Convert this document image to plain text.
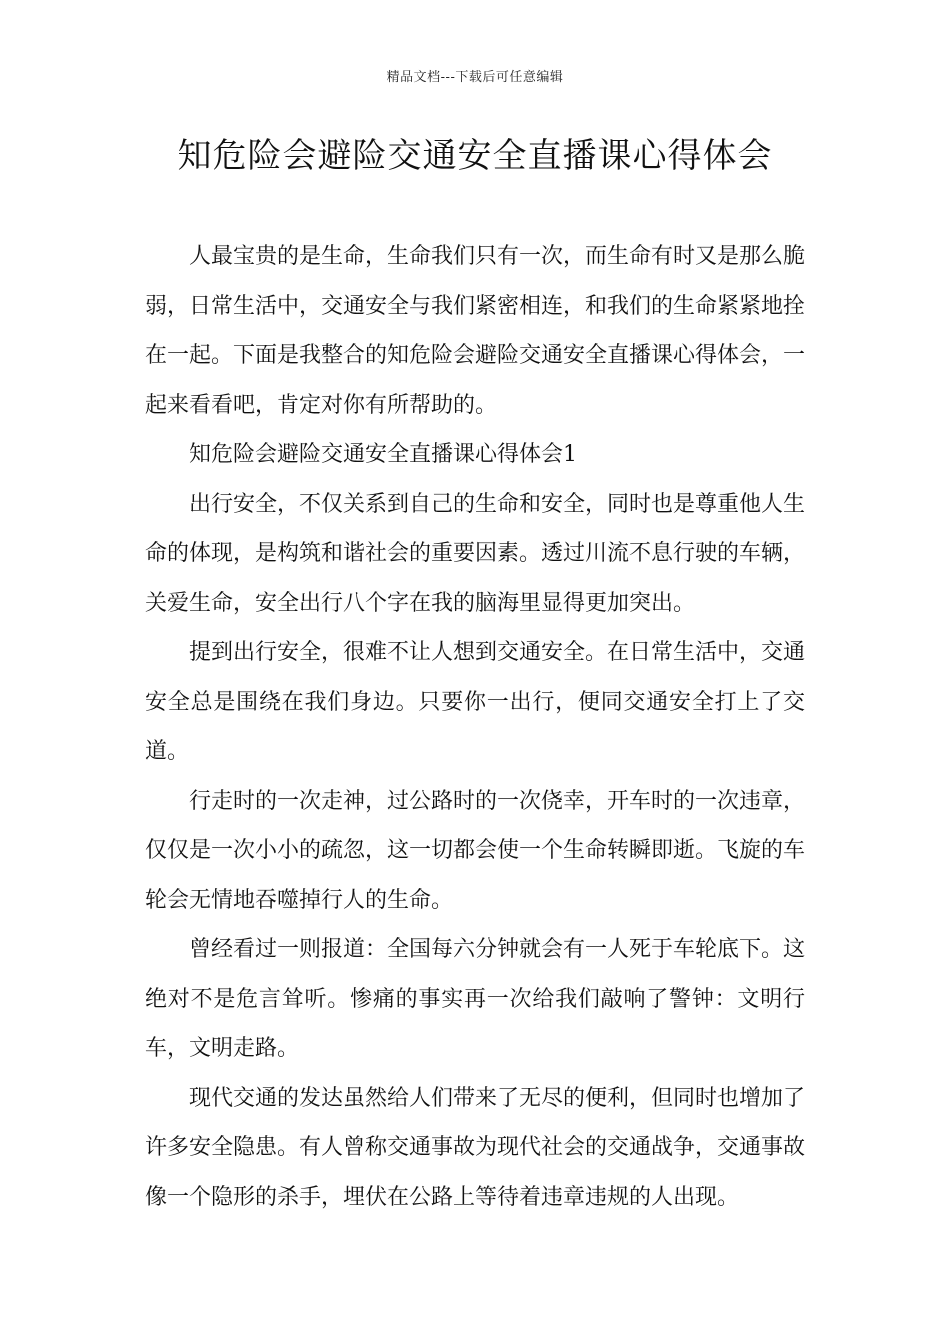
精品文档---下载后可任意编辑
知危险会避险交通安全直播课心得体会

人最宝贵的是生命，生命我们只有一次，而生命有时又是那么脆弱，日常生活中，交通安全与我们紧密相连，和我们的生命紧紧地拴在一起。下面是我整合的知危险会避险交通安全直播课心得体会，一起来看看吧，肯定对你有所帮助的。

知危险会避险交通安全直播课心得体会1

出行安全，不仅关系到自己的生命和安全，同时也是尊重他人生命的体现，是构筑和谐社会的重要因素。透过川流不息行驶的车辆，关爱生命，安全出行八个字在我的脑海里显得更加突出。

提到出行安全，很难不让人想到交通安全。在日常生活中，交通安全总是围绕在我们身边。只要你一出行，便同交通安全打上了交道。

行走时的一次走神，过公路时的一次侥幸，开车时的一次违章，仅仅是一次小小的疏忽，这一切都会使一个生命转瞬即逝。飞旋的车轮会无情地吞噬掉行人的生命。

曾经看过一则报道：全国每六分钟就会有一人死于车轮底下。这绝对不是危言耸听。惨痛的事实再一次给我们敲响了警钟：文明行车，文明走路。

现代交通的发达虽然给人们带来了无尽的便利，但同时也增加了许多安全隐患。有人曾称交通事故为现代社会的交通战争，交通事故像一个隐形的杀手，埋伏在公路上等待着违章违规的人出现。
